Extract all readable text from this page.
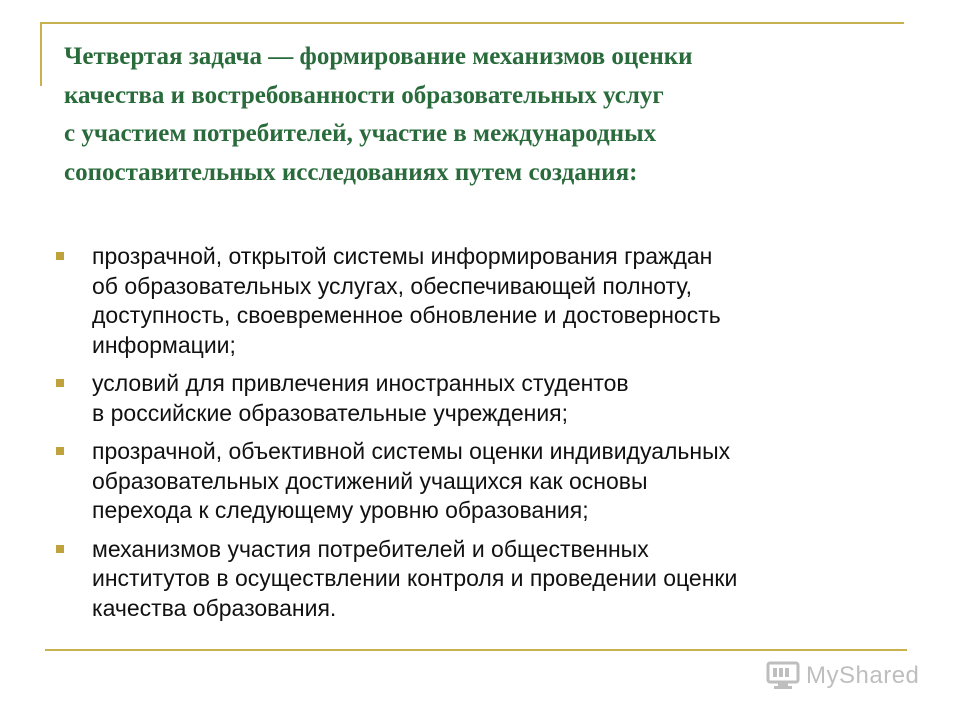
Четвертая задача — формирование механизмов оценки
качества и востребованности образовательных услуг
с участием потребителей, участие в международных
сопоставительных исследованиях путем создания:
прозрачной, открытой системы информирования граждан
об образовательных услугах, обеспечивающей полноту,
доступность, своевременное обновление и достоверность
информации;
условий для привлечения иностранных студентов
в российские образовательные учреждения;
прозрачной, объективной системы оценки индивидуальных
образовательных достижений учащихся как основы
перехода к следующему уровню образования;
механизмов участия потребителей и общественных
институтов в осуществлении контроля и проведении оценки
качества образования.
MyShared
